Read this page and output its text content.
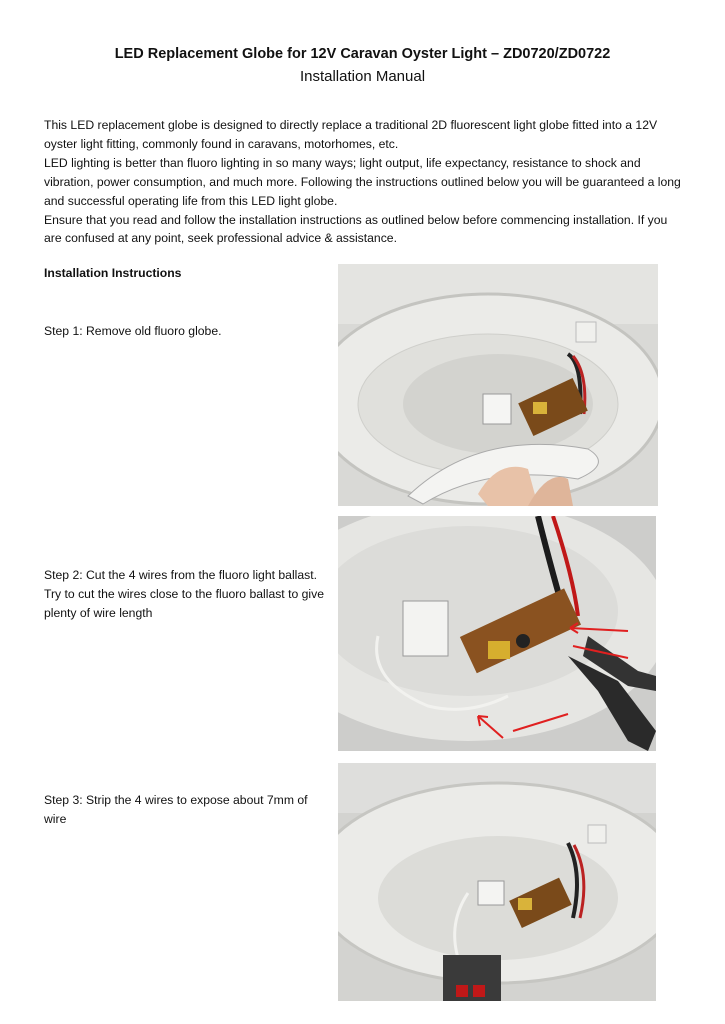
LED Replacement Globe for 12V Caravan Oyster Light – ZD0720/ZD0722
Installation Manual

This LED replacement globe is designed to directly replace a traditional 2D fluorescent light globe fitted into a 12V oyster light fitting, commonly found in caravans, motorhomes, etc.

LED lighting is better than fluoro lighting in so many ways; light output, life expectancy, resistance to shock and vibration, power consumption, and much more. Following the instructions outlined below you will be guaranteed a long and successful operating life from this LED light globe.

Ensure that you read and follow the installation instructions as outlined below before commencing installation. If you are confused at any point, seek professional advice & assistance.

Installation Instructions
Step 1: Remove old fluoro globe.
Step 2: Cut the 4 wires from the fluoro light ballast. Try to cut the wires close to the fluoro ballast to give plenty of wire length
Step 3: Strip the 4 wires to expose about 7mm of wire
